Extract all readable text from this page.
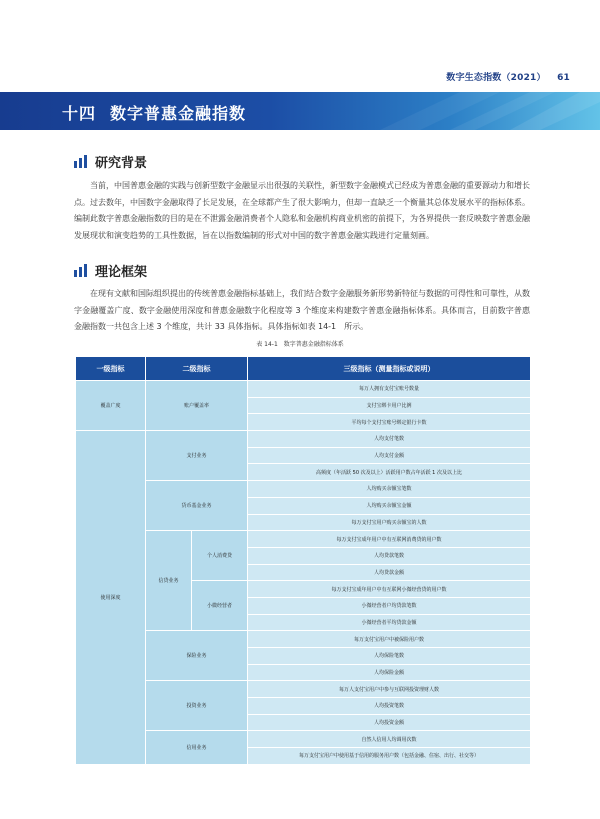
数字生态指数（2021） 61
十四 数字普惠金融指数
研究背景

当前，中国普惠金融的实践与创新型数字金融显示出很强的关联性，新型数字金融模式已经成为普惠金融的重要源动力和增长点。过去数年，中国数字金融取得了长足发展，在全球都产生了很大影响力，但却一直缺乏一个衡量其总体发展水平的指标体系。编制此数字普惠金融指数的目的是在不泄露金融消费者个人隐私和金融机构商业机密的前提下，为各界提供一套反映数字普惠金融发展现状和演变趋势的工具性数据，旨在以指数编制的形式对中国的数字普惠金融实践进行定量刻画。

理论框架

在现有文献和国际组织提出的传统普惠金融指标基础上，我们结合数字金融服务新形势新特征与数据的可得性和可靠性，从数字金融覆盖广度、数字金融使用深度和普惠金融数字化程度等 3 个维度来构建数字普惠金融指标体系。具体而言，目前数字普惠金融指数一共包含上述 3 个维度，共计 33 具体指标。具体指标如表 14-1　所示。

表 14-1　数字普惠金融指标体系
一级指标	二级指标		三级指标（测量指标或说明）
覆盖广度	账户覆盖率		每万人拥有支付宝账号数量
			支付宝绑卡用户比例
			平均每个支付宝账号绑定银行卡数
使用深度	支付业务		人均支付笔数
			人均支付金额
			高频度（年活跃 50 次及以上）活跃用户数占年活跃 1 次及以上比
	货币基金业务		人均购买余额宝笔数
			人均购买余额宝金额
			每万支付宝用户购买余额宝的人数
	信贷业务	个人消费贷	每万支付宝成年用户中有互联网消费贷的用户数
			人均贷款笔数
			人均贷款金额
		小微经营者	每万支付宝成年用户中有互联网小微经营贷的用户数
			小微经营者户均贷款笔数
			小微经营者平均贷款金额
	保险业务		每万支付宝用户中被保险用户数
			人均保险笔数
			人均保险金额
	投资业务		每万人支付宝用户中参与互联网投资理财人数
			人均投资笔数
			人均投资金额
	信用业务		自然人信用人均调用次数
			每万支付宝用户中使用基于信用的服务用户数（包括金融、住宿、出行、社交等）
